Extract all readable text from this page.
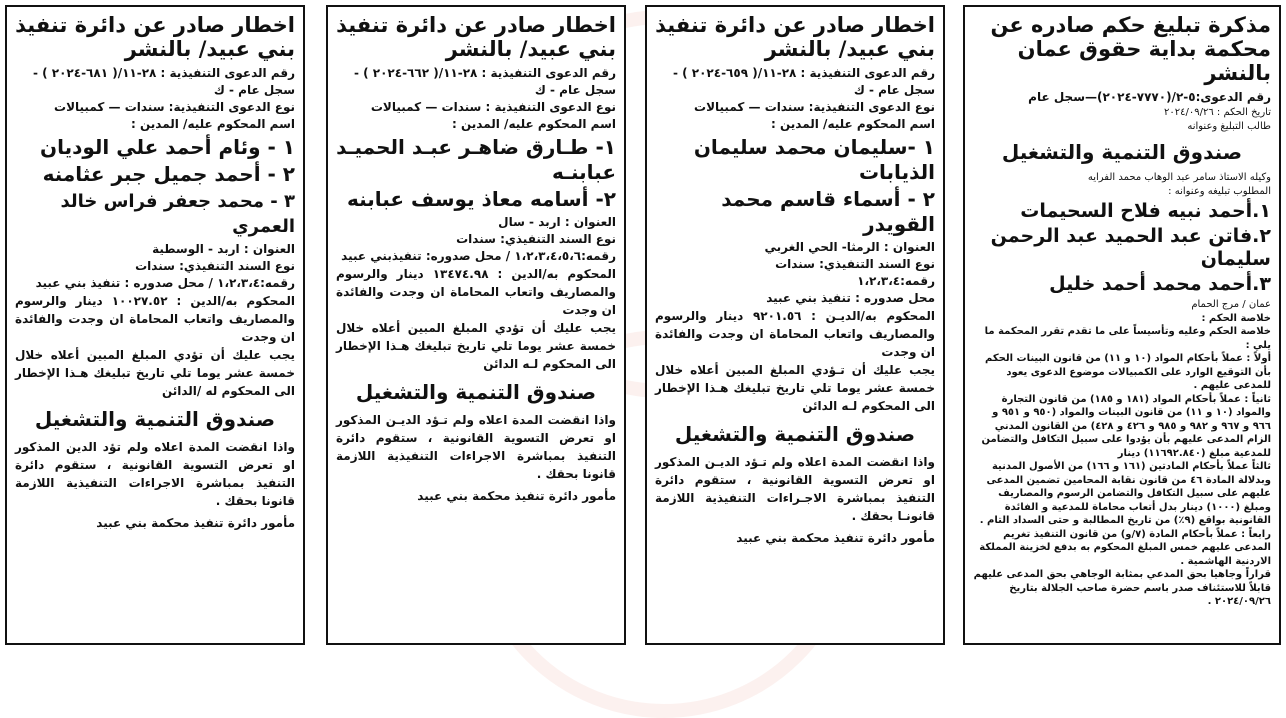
مذكرة تبليغ حكم صادره عن محكمة بداية حقوق عمان بالنشر

رقم الدعوى:٥-٢/(٧٧٧٠-٢٠٢٤)—سجل عام

تاريخ الحكم : ٢٠٢٤/٠٩/٢٦

طالب التبليغ وعنوانه

صندوق التنمية والتشغيل

وكيله الاستاذ سامر عبد الوهاب محمد الفرايه

المطلوب تبليغه وعنوانه :

١.أحمد نبيه فلاح السحيمات

٢.فاتن عبد الحميد عبد الرحمن سليمان

٣.أحمد محمد أحمد خليل

عمان / مرج الحمام

خلاصة الحكم :

خلاصة الحكم وعليه وتأسيساً على ما تقدم تقرر المحكمة ما يلي :

أولاً : عملاً بأحكام المواد (١٠ و ١١) من قانون البينات الحكم بأن التوقيع الوارد على الكمبيالات موضوع الدعوى يعود للمدعى عليهم .

ثانياً : عملاً بأحكام المواد (١٨١ و ١٨٥) من قانون التجارة والمواد (١٠ و ١١) من قانون البينات والمواد (٩٥٠ و ٩٥١ و ٩٦٦ و ٩٦٧ و ٩٨٢ و ٩٨٥ و ٤٢٦ و ٤٢٨) من القانون المدني الزام المدعى عليهم بأن يؤدوا على سبيل التكافل والتضامن للمدعية مبلغ (١١٦٩٢.٨٤٠) دينار

ثالثاً عملاً بأحكام المادتين (١٦١ و ١٦٦) من الأصول المدنية وبدلالة المادة ٤٦ من قانون نقابة المحامين تضمين المدعى عليهم على سبيل التكافل والتضامن الرسوم والمصاريف ومبلغ (١٠٠٠) دينار بدل أتعاب محاماة للمدعية و الفائدة القانونية بواقع (٩٪) من تاريخ المطالبة و حتى السداد التام .

رابعاً : عملاً بأحكام المادة (٧/و) من قانون التنفيذ تغريم المدعى عليهم خمس المبلغ المحكوم به بدفع لخزينة المملكة الاردنية الهاشمية .

قراراً وجاهيا بحق المدعي بمثابة الوجاهي بحق المدعى عليهم قابلاً للاستئناف صدر باسم حضرة صاحب الجلالة بتاريخ ٢٠٢٤/٠٩/٢٦ .

اخطار صادر عن دائرة تنفيذ بني عبيد/ بالنشر

رقم الدعوى التنفيذية : ٢٨-١١/( ٦٥٩-٢٠٢٤ ) - سجل عام - ك

نوع الدعوى التنفيذية: سندات — كمبيالات

اسم المحكوم عليه/ المدين :

١ -سليمان محمد سليمان الذيابات

٢ - أسماء قاسم محمد القويدر

العنوان : الرمثا- الحي الغربي

نوع السند التنفيذي: سندات

رقمه:١،٢،٣،٤

محل صدوره : تنفيذ بني عبيد

المحكوم به/الديـن : ٩٢٠١.٥٦ دينار والرسوم والمصاريف واتعاب المحاماة ان وجدت والفائدة ان وجدت

يجب عليك أن تـؤدي المبلغ المبين أعلاه خلال خمسة عشر يوما تلي تاريخ تبليغك هـذا الإخطار الى المحكوم لـه الدائن

صندوق التنمية والتشغيل

واذا انقضت المدة اعلاه ولم تـؤد الديـن المذكور او تعرض التسوية القانونية ، ستقوم دائرة التنفيذ بمباشرة الاجـراءات التنفيذية اللازمة قانونـا بحقك .

مأمور دائرة تنفيذ محكمة بني عبيد

اخطار صادر عن دائرة تنفيذ بني عبيد/ بالنشر

رقم الدعوى التنفيذية : ٢٨-١١/( ٦٦٢-٢٠٢٤ ) - سجل عام - ك

نوع الدعوى التنفيذية : سندات — كمبيالات

اسم المحكوم عليه/ المدين :

١- طـارق ضاهـر عبـد الحميـد عبابنـه

٢- أسامه معاذ يوسف عبابنه

العنوان : اربد - سال

نوع السند التنفيذي: سندات

رقمه:١،٢،٣،٤،٥،٦ / محل صدوره: تنفيذبني عبيد

المحكوم به/الدين : ١٣٤٧٤.٩٨ دينار والرسوم والمصاريف واتعاب المحاماة ان وجدت والفائدة ان وجدت

يجب عليك أن تؤدي المبلغ المبين أعلاه خلال خمسة عشر يوما تلي تاريخ تبليغك هـذا الإخطار الى المحكوم لـه الدائن

صندوق التنمية والتشغيل

واذا انقضت المدة اعلاه ولم تـؤد الديـن المذكور او تعرض التسوية القانونية ، ستقوم دائرة التنفيذ بمباشرة الاجراءات التنفيذية اللازمة قانونا بحقك .

مأمور دائرة تنفيذ محكمة بني عبيد

اخطار صادر عن دائرة تنفيذ بني عبيد/ بالنشر

رقم الدعوى التنفيذية : ٢٨-١١/( ٦٨١-٢٠٢٤ ) - سجل عام - ك

نوع الدعوى التنفيذية: سندات — كمبيالات

اسم المحكوم عليه/ المدين :

١ - وئام أحمد علي الوديان

٢ - أحمد جميل جبر عثامنه

٣ - محمد جعفر فراس خالد العمري

العنوان : اربد - الوسطية

نوع السند التنفيذي: سندات

رقمه:١،٢،٣،٤ / محل صدوره : تنفيذ بني عبيد

المحكوم به/الدين : ١٠٠٢٧.٥٢ دينار والرسوم والمصاريف واتعاب المحاماة ان وجدت والفائدة ان وجدت

يجب عليك أن تؤدي المبلغ المبين أعلاه خلال خمسة عشر يوما تلي تاريخ تبليغك هـذا الإخطار الى المحكوم له /الدائن

صندوق التنمية والتشغيل

واذا انقضت المدة اعلاه ولم تؤد الدين المذكور او تعرض التسوية القانونية ، ستقوم دائرة التنفيذ بمباشرة الاجراءات التنفيذية اللازمة قانونا بحقك .

مأمور دائرة تنفيذ محكمة بني عبيد
